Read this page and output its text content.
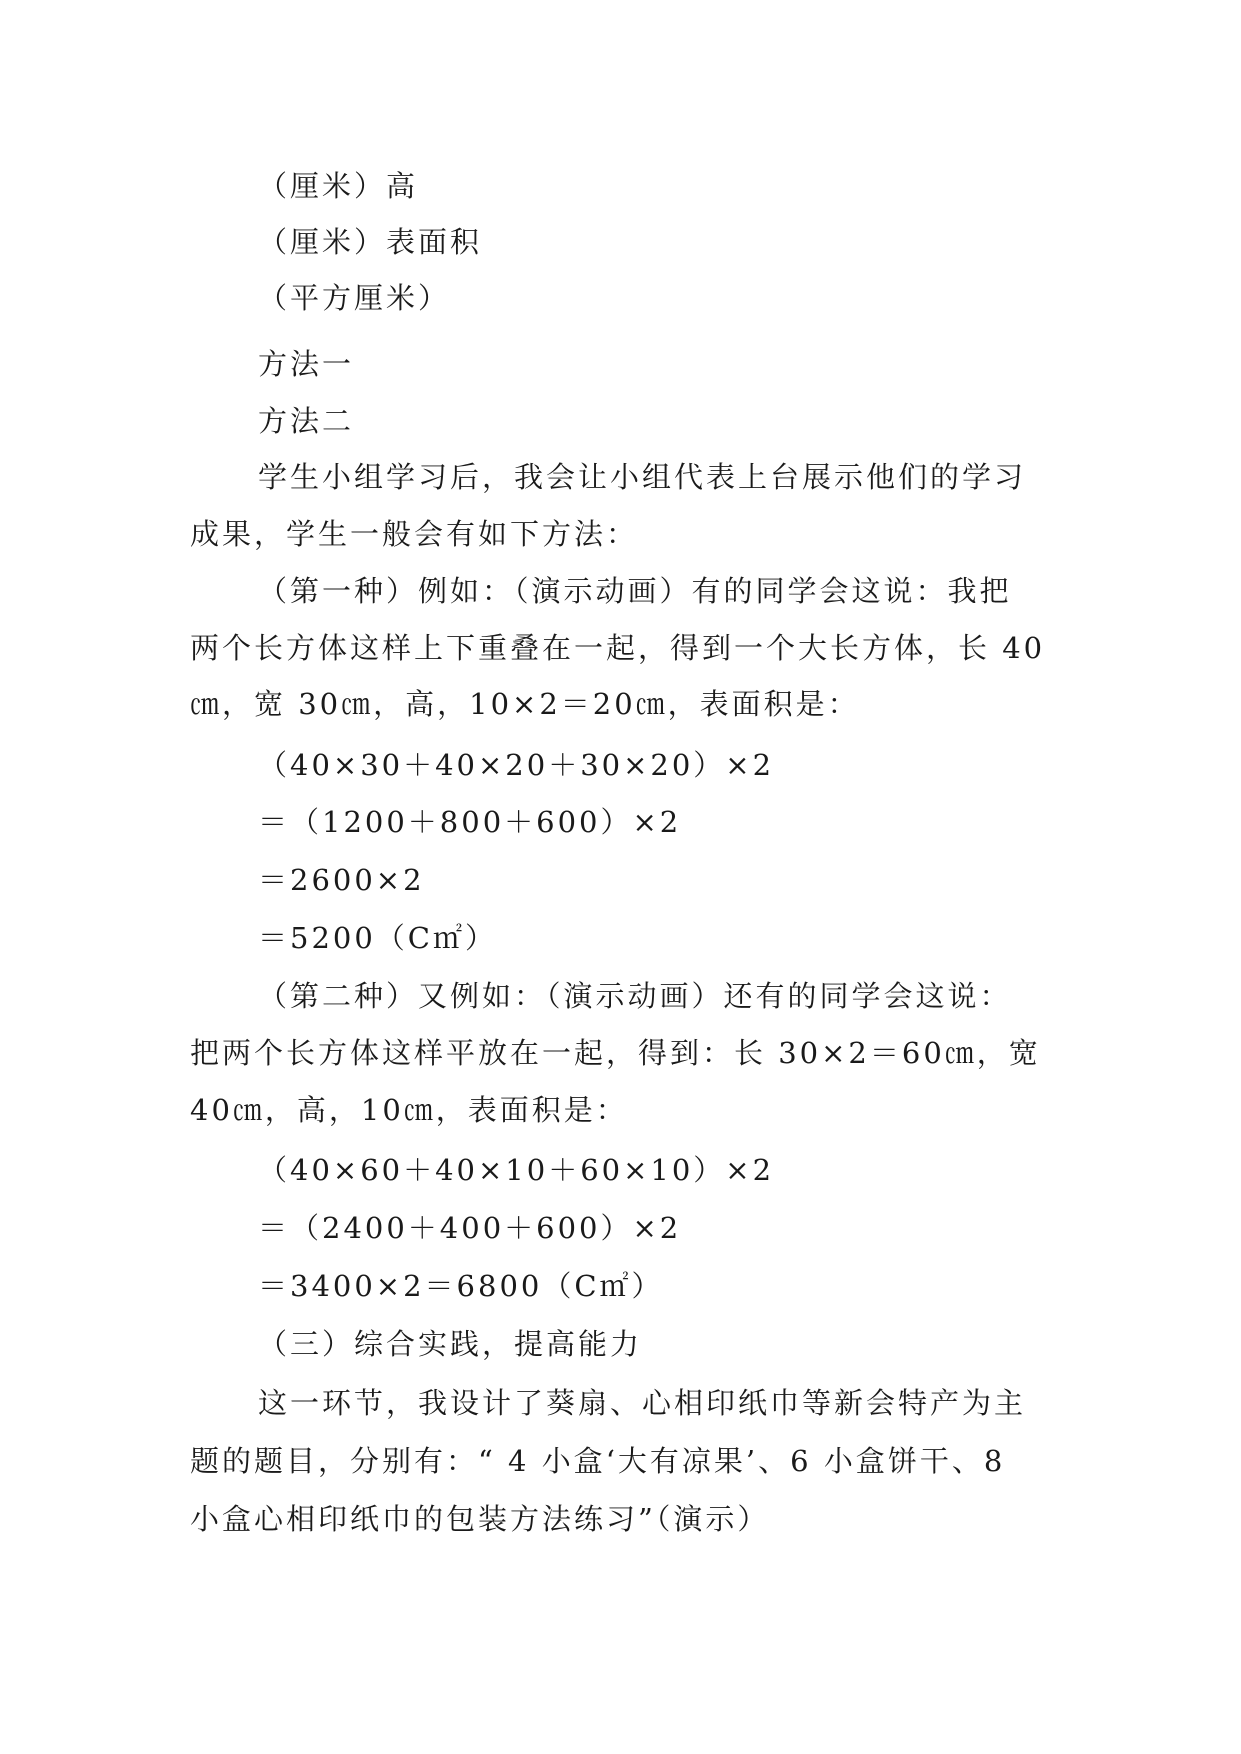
（厘米）高
（厘米）表面积
（平方厘米）
方法一
方法二
学生小组学习后，我会让小组代表上台展示他们的学习
成果，学生一般会有如下方法：
（第一种）例如：（演示动画）有的同学会这说：我把
两个长方体这样上下重叠在一起，得到一个大长方体，长 40
㎝，宽 30㎝，高，10×2＝20㎝，表面积是：
（40×30＋40×20＋30×20）×2
＝（1200＋800＋600）×2
＝2600×2
＝5200（C㎡）
（第二种）又例如：（演示动画）还有的同学会这说：
把两个长方体这样平放在一起，得到：长 30×2＝60㎝，宽
40㎝，高，10㎝，表面积是：
（40×60＋40×10＋60×10）×2
＝（2400＋400＋600）×2
＝3400×2＝6800（C㎡）
（三）综合实践，提高能力
这一环节，我设计了葵扇、心相印纸巾等新会特产为主
题的题目，分别有：“ 4 小盒‘大有凉果’、6 小盒饼干、8
小盒心相印纸巾的包装方法练习”（演示）
